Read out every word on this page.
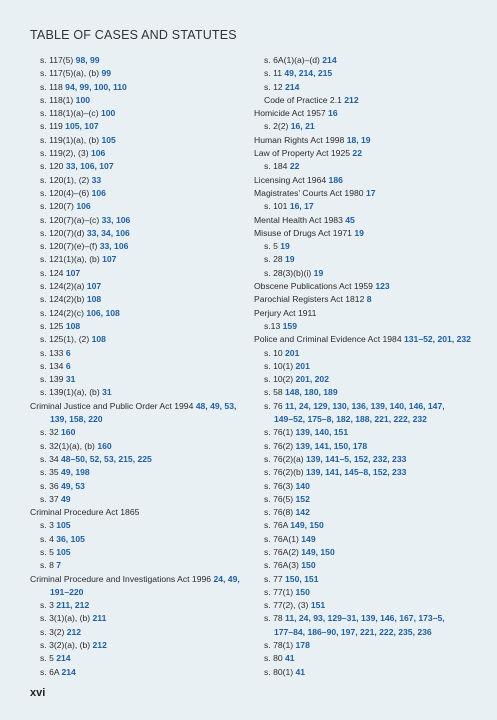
TABLE OF CASES AND STATUTES
s. 117(5) 98, 99
s. 117(5)(a), (b) 99
s. 118 94, 99, 100, 110
s. 118(1) 100
s. 118(1)(a)–(c) 100
s. 119 105, 107
s. 119(1)(a), (b) 105
s. 119(2), (3) 106
s. 120 33, 106, 107
s. 120(1), (2) 33
s. 120(4)–(6) 106
s. 120(7) 106
s. 120(7)(a)–(c) 33, 106
s. 120(7)(d) 33, 34, 106
s. 120(7)(e)–(f) 33, 106
s. 121(1)(a), (b) 107
s. 124 107
s. 124(2)(a) 107
s. 124(2)(b) 108
s. 124(2)(c) 106, 108
s. 125 108
s. 125(1), (2) 108
s. 133 6
s. 134 6
s. 139 31
s. 139(1)(a), (b) 31
Criminal Justice and Public Order Act 1994 48, 49, 53,
139, 158, 220
s. 32 160
s. 32(1)(a), (b) 160
s. 34 48–50, 52, 53, 215, 225
s. 35 49, 198
s. 36 49, 53
s. 37 49
Criminal Procedure Act 1865
s. 3 105
s. 4 36, 105
s. 5 105
s. 8 7
Criminal Procedure and Investigations Act 1996 24, 49,
191–220
s. 3 211, 212
s. 3(1)(a), (b) 211
s. 3(2) 212
s. 3(2)(a), (b) 212
s. 5 214
s. 6A 214
s. 6A(1)(a)–(d) 214
s. 11 49, 214, 215
s. 12 214
Code of Practice 2.1 212
Homicide Act 1957 16
s. 2(2) 16, 21
Human Rights Act 1998 18, 19
Law of Property Act 1925 22
s. 184 22
Licensing Act 1964 186
Magistrates’ Courts Act 1980 17
s. 101 16, 17
Mental Health Act 1983 45
Misuse of Drugs Act 1971 19
s. 5 19
s. 28 19
s. 28(3)(b)(i) 19
Obscene Publications Act 1959 123
Parochial Registers Act 1812 8
Perjury Act 1911
s.13 159
Police and Criminal Evidence Act 1984 131–52, 201, 232
s. 10 201
s. 10(1) 201
s. 10(2) 201, 202
s. 58 148, 180, 189
s. 76 11, 24, 129, 130, 136, 139, 140, 146, 147,
149–52, 175–8, 182, 188, 221, 222, 232
s. 76(1) 139, 140, 151
s. 76(2) 139, 141, 150, 178
s. 76(2)(a) 139, 141–5, 152, 232, 233
s. 76(2)(b) 139, 141, 145–8, 152, 233
s. 76(3) 140
s. 76(5) 152
s. 76(8) 142
s. 76A 149, 150
s. 76A(1) 149
s. 76A(2) 149, 150
s. 76A(3) 150
s. 77 150, 151
s. 77(1) 150
s. 77(2), (3) 151
s. 78 11, 24, 93, 129–31, 139, 146, 167, 173–5,
177–84, 186–90, 197, 221, 222, 235, 236
s. 78(1) 178
s. 80 41
s. 80(1) 41
xvi
